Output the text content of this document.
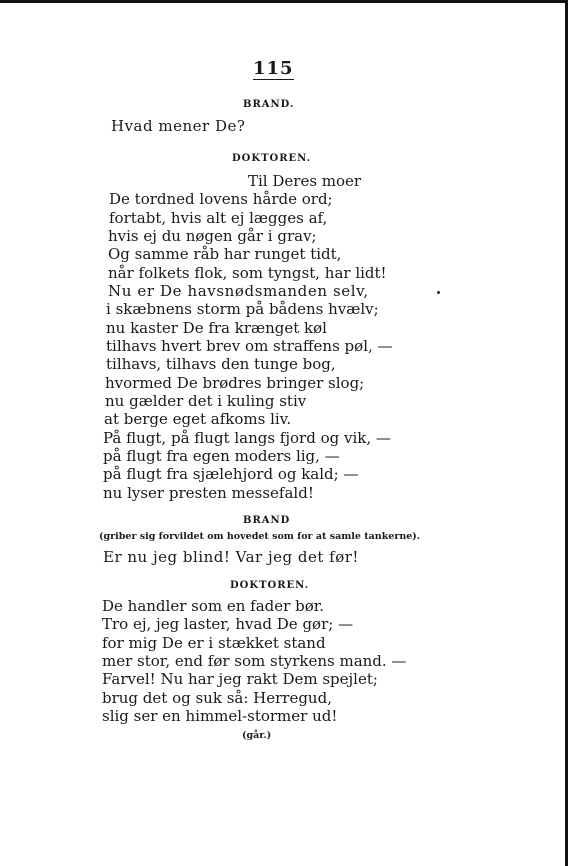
115
BRAND.
Hvad mener De?
DOKTOREN.
Til Deres moer
De tordned lovens hårde ord;
fortabt, hvis alt ej lægges af,
hvis ej du nøgen går i grav;
Og samme råb har runget tidt,
når folkets flok, som tyngst, har lidt!
Nu er De havsnødsmanden selv,
i skæbnens storm på bådens hvælv;
nu kaster De fra krænget køl
tilhavs hvert brev om straffens pøl, —
tilhavs, tilhavs den tunge bog,
hvormed De brødres bringer slog;
nu gælder det i kuling stiv
at berge eget afkoms liv.
På flugt, på flugt langs fjord og vik, —
på flugt fra egen moders lig, —
på flugt fra sjælehjord og kald; —
nu lyser presten messefald!
BRAND
(griber sig forvildet om hovedet som for at samle tankerne).
Er nu jeg blind! Var jeg det før!
DOKTOREN.
De handler som en fader bør.
Tro ej, jeg laster, hvad De gør; —
for mig De er i stækket stand
mer stor, end før som styrkens mand. —
Farvel! Nu har jeg rakt Dem spejlet;
brug det og suk så: Herregud,
slig ser en himmel-stormer ud!
(går.)
